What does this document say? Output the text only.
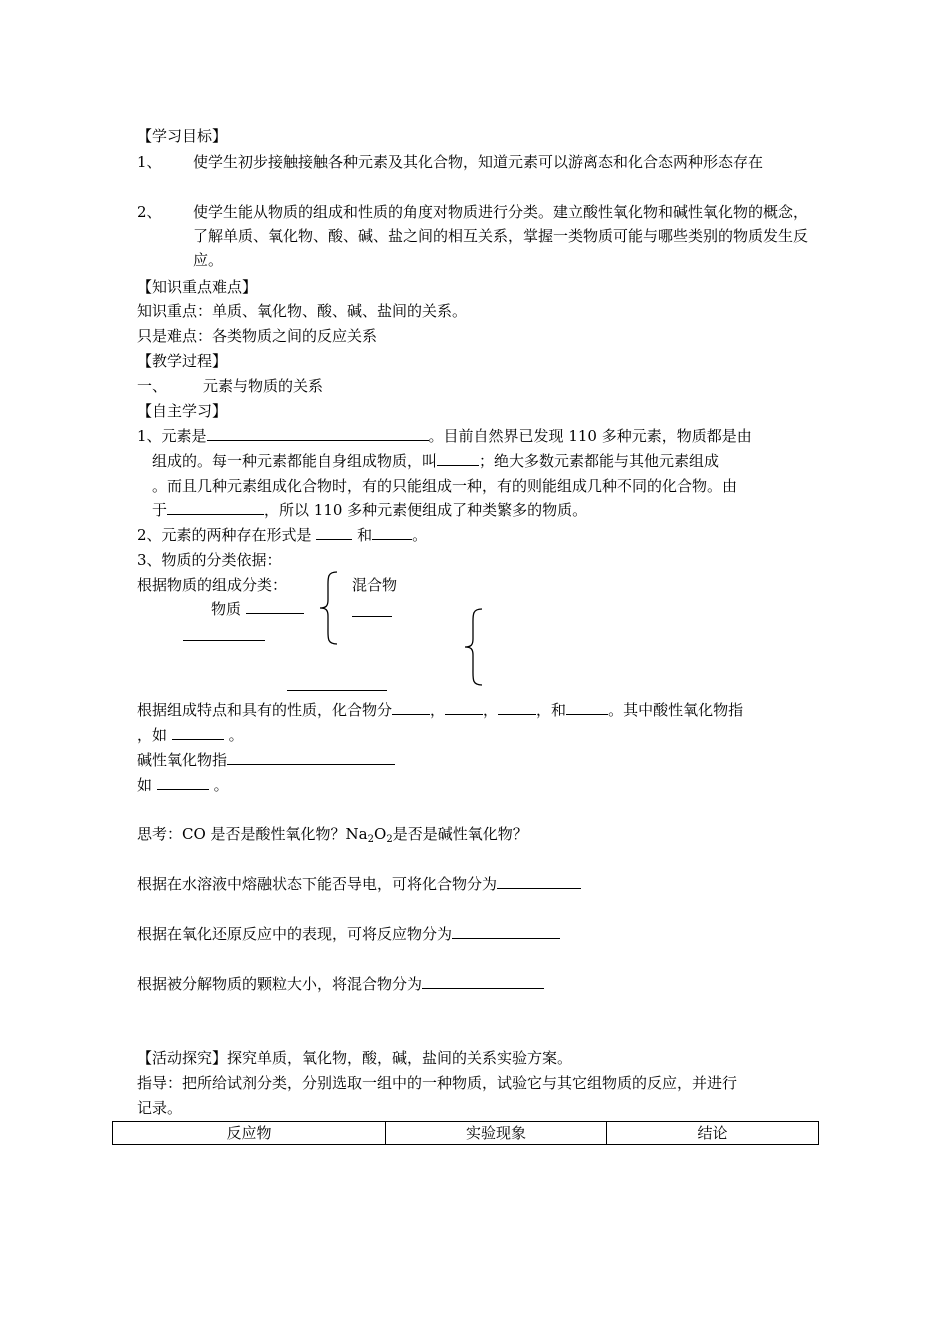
【学习目标】
1、 使学生初步接触接触各种元素及其化合物，知道元素可以游离态和化合态两种形态存在
2、 使学生能从物质的组成和性质的角度对物质进行分类。建立酸性氧化物和碱性氧化物的概念，了解单质、氧化物、酸、碱、盐之间的相互关系，掌握一类物质可能与哪些类别的物质发生反应。
【知识重点难点】
知识重点：单质、氧化物、酸、碱、盐间的关系。
只是难点：各类物质之间的反应关系
【教学过程】
一、 元素与物质的关系
【自主学习】
1、元素是	。目前自然界已发现 110 多种元素，物质都是由
组成的。每一种元素都能自身组成物质，叫	；绝大多数元素都能与其他元素组成
。而且几种元素组成化合物时，有的只能组成一种，有的则能组成几种不同的化合物。由
于	，所以 110 多种元素便组成了种类繁多的物质。
2、元素的两种存在形式是	和	。
3、物质的分类依据：
根据物质的组成分类：	混合物
物质
根据组成特点和具有的性质，化合物分	，	，	，和	。其中酸性氧化物指
，如	。
碱性氧化物指
如	。
思考：CO 是否是酸性氧化物？$Na_2O_2$是否是碱性氧化物？
根据在水溶液中熔融状态下能否导电，可将化合物分为
根据在氧化还原反应中的表现，可将反应物分为
根据被分解物质的颗粒大小，将混合物分为
【活动探究】探究单质，氧化物，酸，碱，盐间的关系实验方案。
指导：把所给试剂分类，分别选取一组中的一种物质，试验它与其它组物质的反应，并进行
记录。
反应物	实验现象	结论
